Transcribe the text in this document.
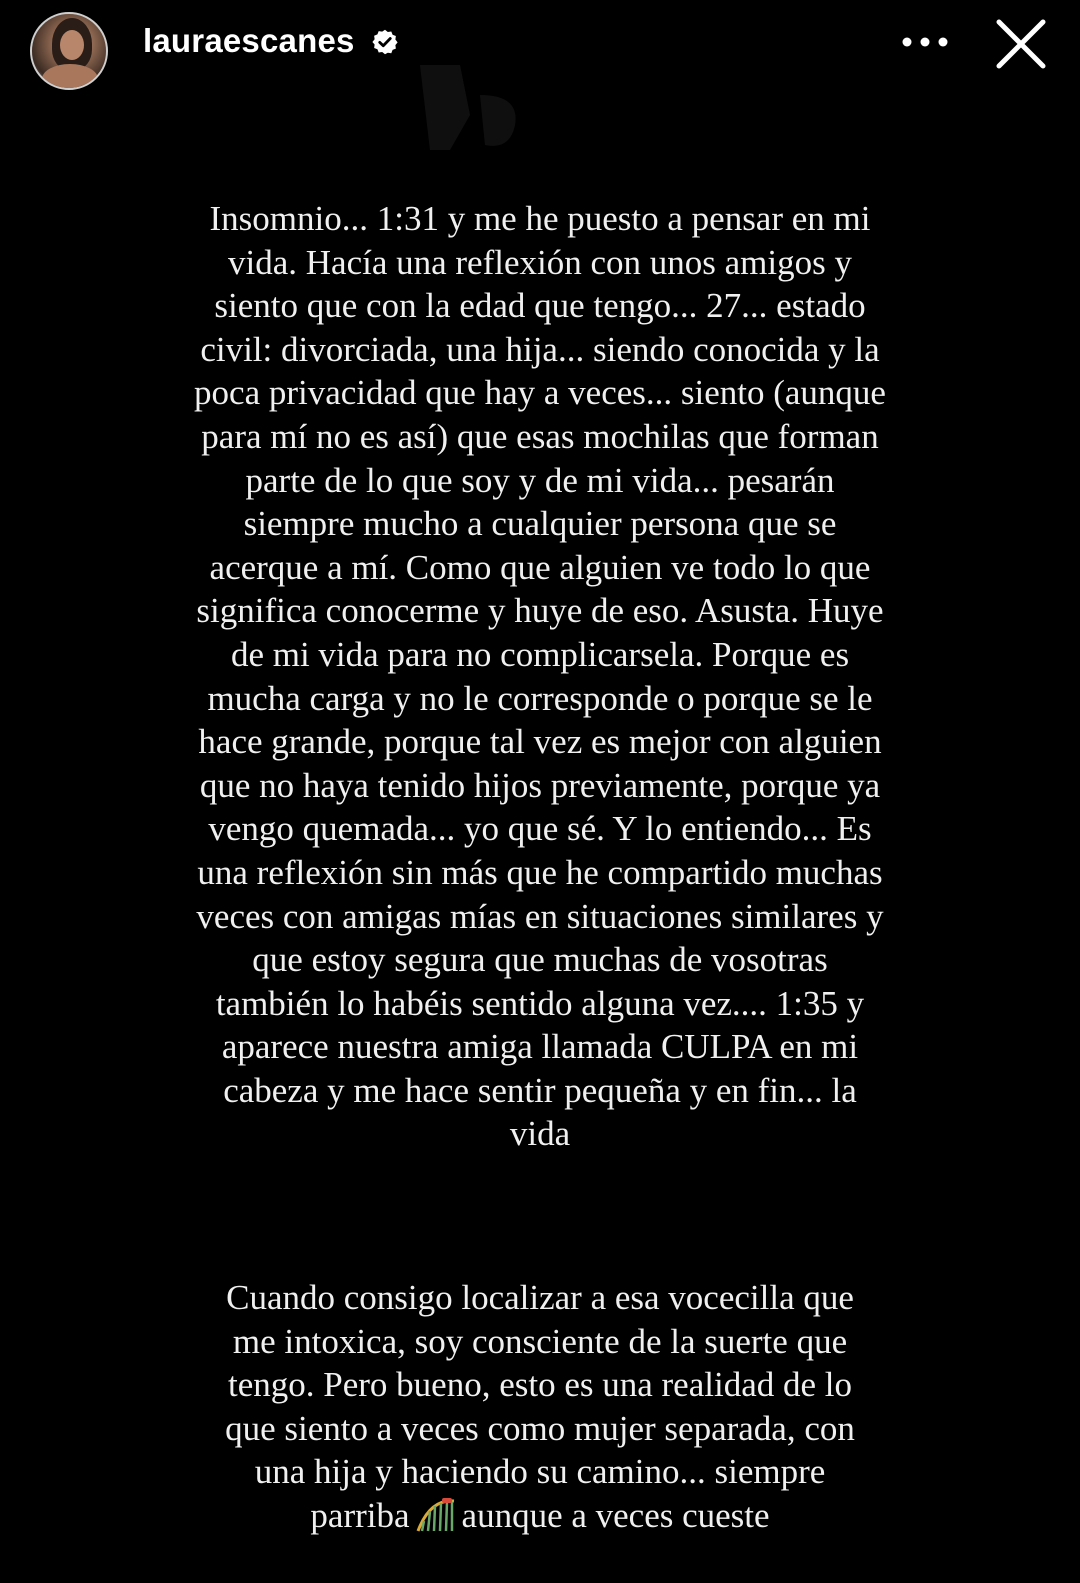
lauraescanes
Insomnio... 1:31 y me he puesto a pensar en mi
vida. Hacía una reflexión con unos amigos y
siento que con la edad que tengo... 27... estado
civil: divorciada, una hija... siendo conocida y la
poca privacidad que hay a veces... siento (aunque
para mí no es así) que esas mochilas que forman
parte de lo que soy y de mi vida... pesarán
siempre mucho a cualquier persona que se
acerque a mí. Como que alguien ve todo lo que
significa conocerme y huye de eso. Asusta. Huye
de mi vida para no complicarsela. Porque es
mucha carga y no le corresponde o porque se le
hace grande, porque tal vez es mejor con alguien
que no haya tenido hijos previamente, porque ya
vengo quemada... yo que sé. Y lo entiendo... Es
una reflexión sin más que he compartido muchas
veces con amigas mías en situaciones similares y
que estoy segura que muchas de vosotras
también lo habéis sentido alguna vez.... 1:35 y
aparece nuestra amiga llamada CULPA en mi
cabeza y me hace sentir pequeña y en fin... la
vida
Cuando consigo localizar a esa vocecilla que
me intoxica, soy consciente de la suerte que
tengo. Pero bueno, esto es una realidad de lo
que siento a veces como mujer separada, con
una hija y haciendo su camino... siempre
parriba aunque a veces cueste
